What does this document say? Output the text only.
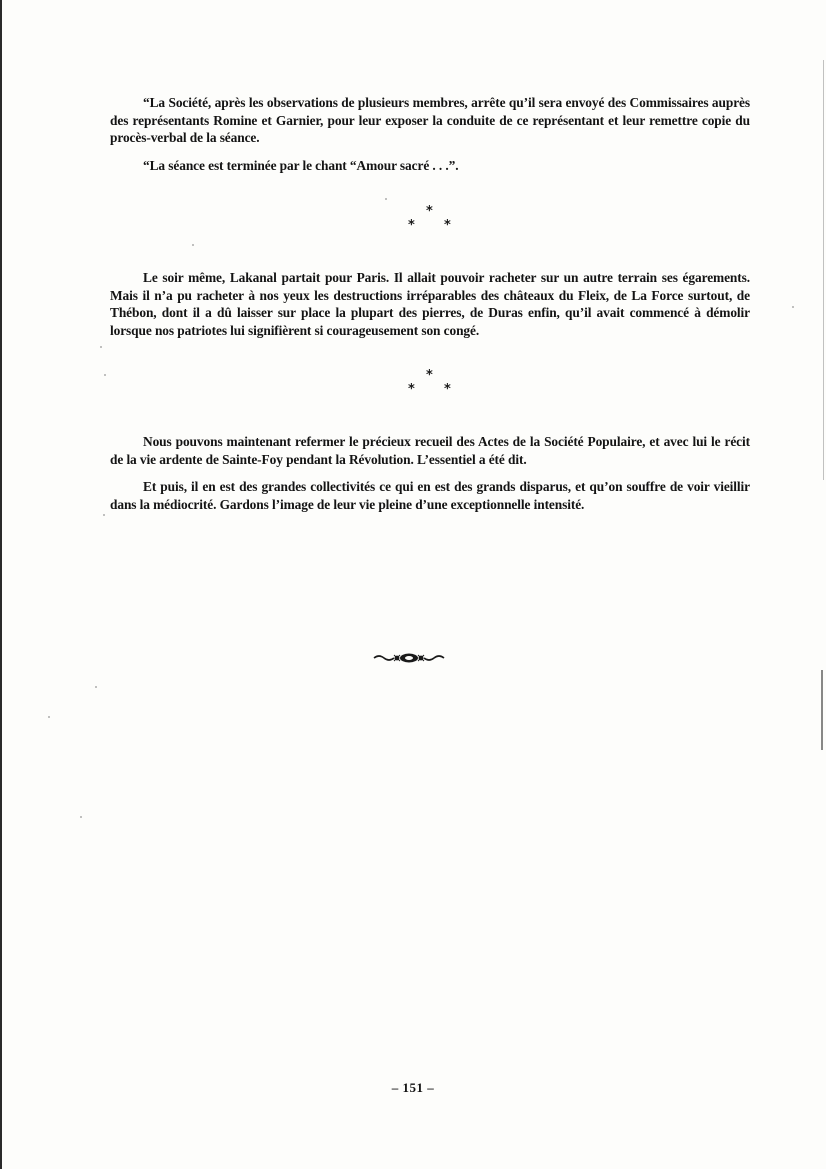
“La Société, après les observations de plusieurs membres, arrête qu’il sera envoyé des Commissaires auprès des représentants Romine et Garnier, pour leur exposer la conduite de ce représentant et leur remettre copie du procès-verbal de la séance.

“La séance est terminée par le chant “Amour sacré . . .”.

*
* *

Le soir même, Lakanal partait pour Paris. Il allait pouvoir racheter sur un autre terrain ses égarements. Mais il n’a pu racheter à nos yeux les destructions irréparables des châteaux du Fleix, de La Force surtout, de Thébon, dont il a dû laisser sur place la plupart des pierres, de Duras enfin, qu’il avait commencé à démolir lorsque nos patriotes lui signifièrent si courageusement son congé.

*
* *

Nous pouvons maintenant refermer le précieux recueil des Actes de la Société Populaire, et avec lui le récit de la vie ardente de Sainte-Foy pendant la Révolution. L’essentiel a été dit.

Et puis, il en est des grandes collectivités ce qui en est des grands disparus, et qu’on souffre de voir vieillir dans la médiocrité. Gardons l’image de leur vie pleine d’une exceptionnelle intensité.

– 151 –
